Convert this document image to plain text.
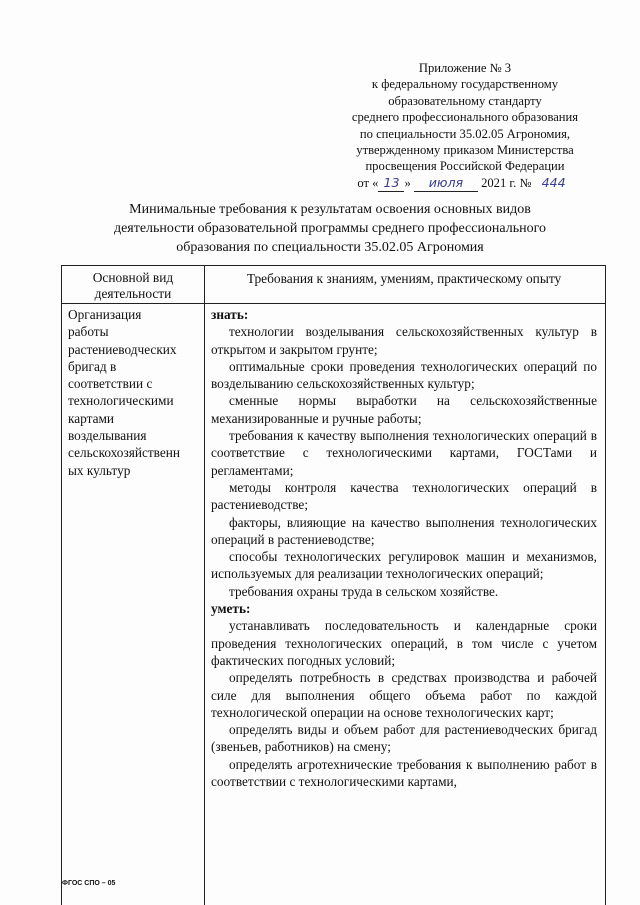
Приложение № 3
к федеральному государственному
образовательному стандарту
среднего профессионального образования
по специальности 35.02.05 Агрономия,
утвержденному приказом Министерства
просвещения Российской Федерации
от « 13 » июля 2021 г. № 444
Минимальные требования к результатам освоения основных видов
деятельности образовательной программы среднего профессионального
образования по специальности 35.02.05 Агрономия
Основной вид деятельности
Требования к знаниям, умениям, практическому опыту
Организация
работы
растениеводческих
бригад в
соответствии с
технологическими
картами
возделывания
сельскохозяйственн
ых культур
знать:
технологии возделывания сельскохозяйственных культур в открытом и закрытом грунте;
оптимальные сроки проведения технологических операций по возделыванию сельскохозяйственных культур;
сменные нормы выработки на сельскохозяйственные механизированные и ручные работы;
требования к качеству выполнения технологических операций в соответствие с технологическими картами, ГОСТами и регламентами;
методы контроля качества технологических операций в растениеводстве;
факторы, влияющие на качество выполнения технологических операций в растениеводстве;
способы технологических регулировок машин и механизмов, используемых для реализации технологических операций;
требования охраны труда в сельском хозяйстве.
уметь:
устанавливать последовательность и календарные сроки проведения технологических операций, в том числе с учетом фактических погодных условий;
определять потребность в средствах производства и рабочей силе для выполнения общего объема работ по каждой технологической операции на основе технологических карт;
определять виды и объем работ для растениеводческих бригад (звеньев, работников) на смену;
определять агротехнические требования к выполнению работ в соответствии с технологическими картами,
ФГОС СПО – 05
